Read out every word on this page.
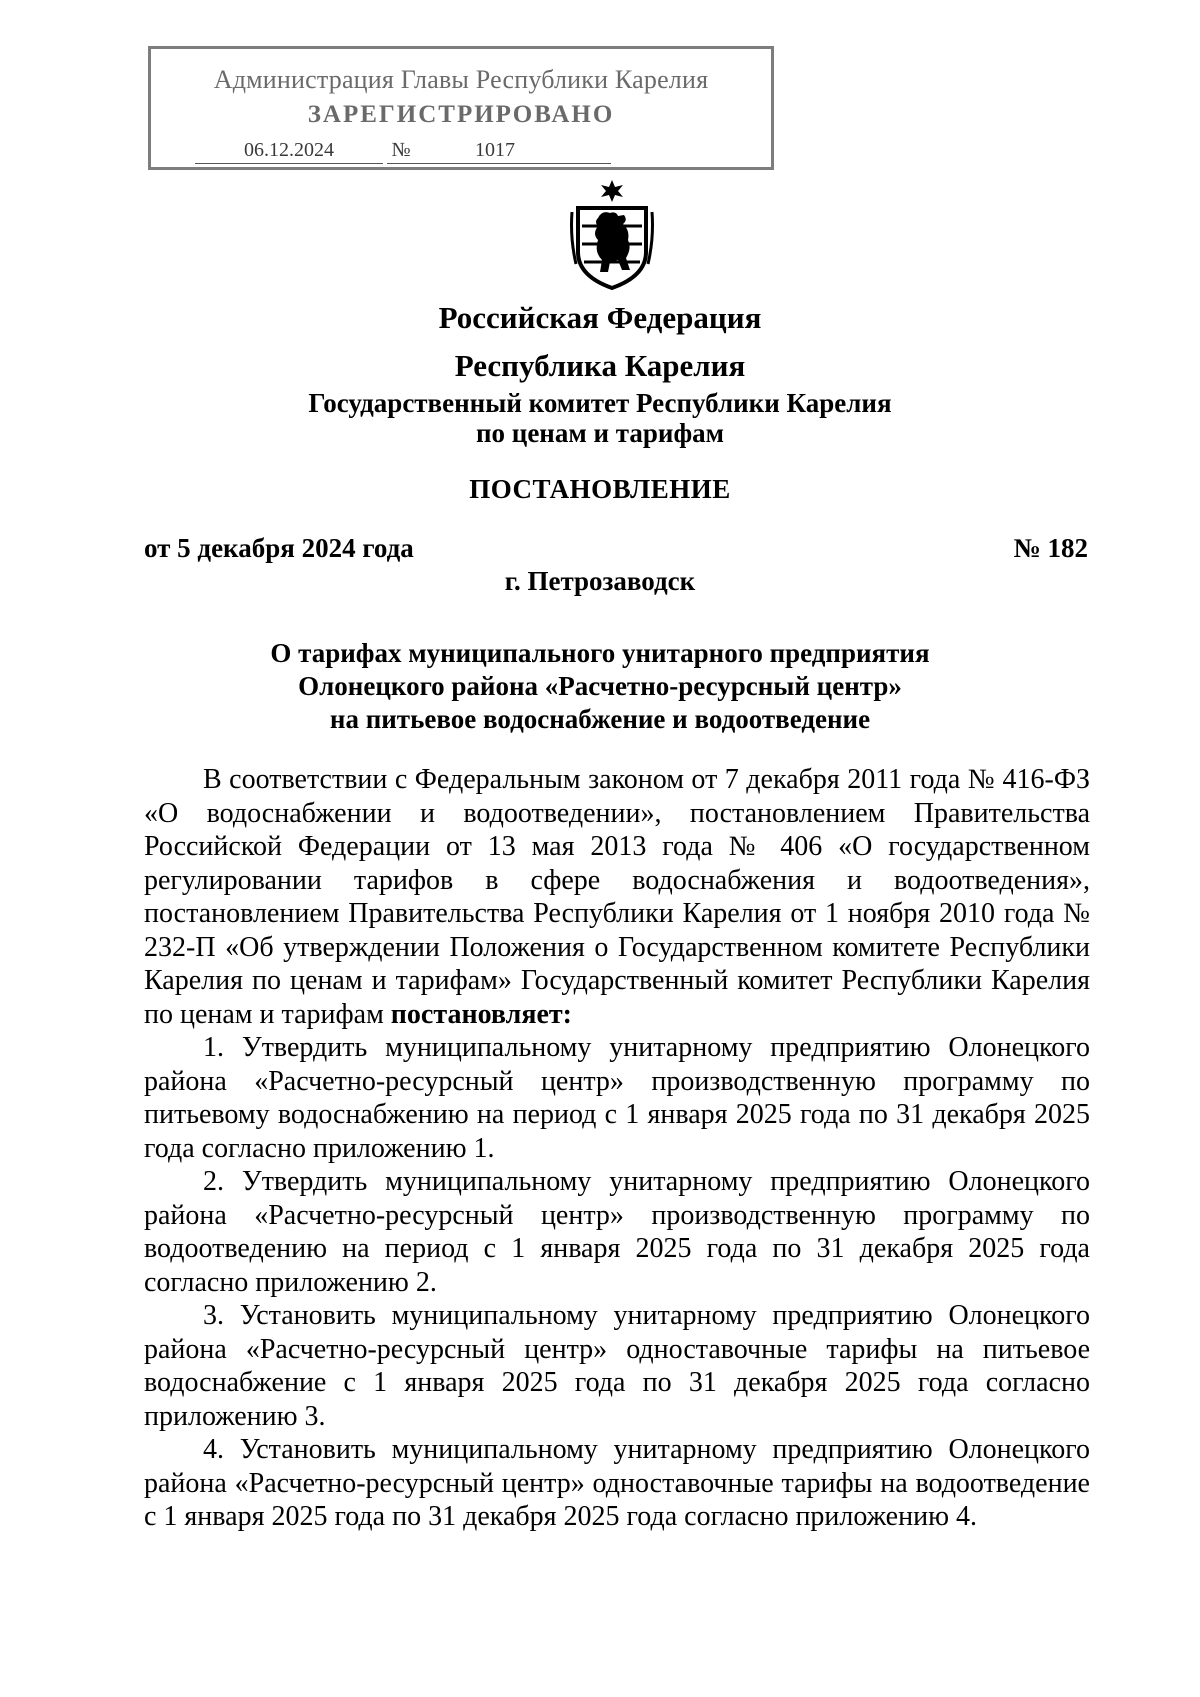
Администрация Главы Республики Карелия
ЗАРЕГИСТРИРОВАНО
06.12.2024	№	1017
Российская Федерация
Республика Карелия
Государственный комитет Республики Карелия
по ценам и тарифам
ПОСТАНОВЛЕНИЕ
от 5 декабря 2024 года	№ 182
г. Петрозаводск
О тарифах муниципального унитарного предприятия
Олонецкого района «Расчетно-ресурсный центр»
на питьевое водоснабжение и водоотведение

В соответствии с Федеральным законом от 7 декабря 2011 года № 416-ФЗ «О водоснабжении и водоотведении», постановлением Правительства Российской Федерации от 13 мая 2013 года № 406 «О государственном регулировании тарифов в сфере водоснабжения и водоотведения», постановлением Правительства Республики Карелия от 1 ноября 2010 года № 232-П «Об утверждении Положения о Государственном комитете Республики Карелия по ценам и тарифам» Государственный комитет Республики Карелия по ценам и тарифам постановляет:

1. Утвердить муниципальному унитарному предприятию Олонецкого района «Расчетно-ресурсный центр» производственную программу по питьевому водоснабжению на период с 1 января 2025 года по 31 декабря 2025 года согласно приложению 1.

2. Утвердить муниципальному унитарному предприятию Олонецкого района «Расчетно-ресурсный центр» производственную программу по водоотведению на период с 1 января 2025 года по 31 декабря 2025 года согласно приложению 2.

3. Установить муниципальному унитарному предприятию Олонецкого района «Расчетно-ресурсный центр» одноставочные тарифы на питьевое водоснабжение с 1 января 2025 года по 31 декабря 2025 года согласно приложению 3.

4. Установить муниципальному унитарному предприятию Олонецкого района «Расчетно-ресурсный центр» одноставочные тарифы на водоотведение с 1 января 2025 года по 31 декабря 2025 года согласно приложению 4.
